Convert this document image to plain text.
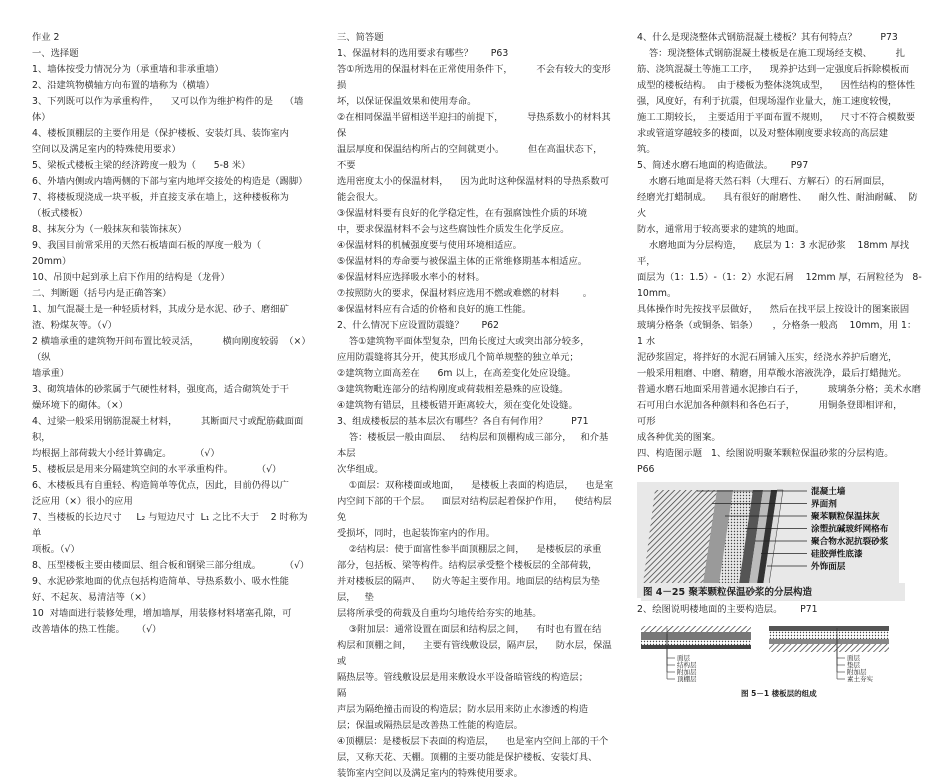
作业 2

一、选择题

1、墙体按受力情况分为（承重墙和非承重墙）

2、沿建筑物横轴方向布置的墙称为（横墙）

3、下列既可以作为承重构件，    又可以作为维护构件的是    （墙体）

4、楼板顶棚层的主要作用是（保护楼板、安装灯具、装饰室内

空间以及满足室内的特殊使用要求）

5、梁板式楼板主梁的经济跨度一般为（      5-8 米）

6、外墙内侧或内墙两侧的下部与室内地坪交接处的构造是（踢脚）

7、将楼板现浇成一块平板，并直接支承在墙上，这种楼板称为

（板式楼板）

8、抹灰分为（一般抹灰和装饰抹灰）

9、我国目前常采用的天然石板墙面石板的厚度一般为（        20mm）

10、吊顶中起到承上启下作用的结构是（龙骨）

二、判断题（括号内是正确答案）

1、加气混凝土是一种轻质材料，其成分是水泥、砂子、磨细矿

渣、粉煤灰等。（√）

2 横墙承重的建筑物开间布置比较灵活，        横向刚度较弱  （×）（纵

墙承重）

3、砌筑墙体的砂浆属于气硬性材料，强度高，适合砌筑处于干

燥环境下的砌体。（×）

4、过梁一般采用钢筋混凝土材料，        其断面尺寸或配筋截面面积，

均根据上部荷载大小经计算确定。        （√）

5、楼板层是用来分隔建筑空间的水平承重构件。        （√）

6、木楼板具有自重轻、构造简单等优点，因此，目前仍得以广

泛应用（×）很小的应用

7、当楼板的长边尺寸     L₂ 与短边尺寸  L₁ 之比不大于    2 时称为单

项板。（√）

8、压型楼板主要由楼面层、组合板和钢梁三部分组成。        （√）

9、水泥砂浆地面的优点包括构造简单、导热系数小、吸水性能

好、不起灰、易清洁等（×）

10  对墙面进行装修处理，增加墙厚，用装修材料堵塞孔隙，可

改善墙体的热工性能。    （√）

三、简答题

1、保温材料的选用要求有哪些？      P63

答①所选用的保温材料在正常使用条件下，        不会有较大的变形损

坏，以保证保温效果和使用寿命。

②在相同保温半留相送半迎扫的前提下，        导热系数小的材料其保

温层厚度和保温结构所占的空间就更小。        但在高温状态下，  不要

选用密度太小的保温材料，    因为此时这种保温材料的导热系数可

能会很大。

③保温材料要有良好的化学稳定性，在有强腐蚀性介质的环境

中，要求保温材料不会与这些腐蚀性介质发生化学反应。

④保温材料的机械强度要与使用环境相适应。

⑤保温材料的寿命要与被保温主体的正常维修期基本相适应。

⑥保温材料应选择吸水率小的材料。

⑦按照防火的要求，保温材料应选用不燃或难燃的材料        。

⑧保温材料应有合适的价格和良好的施工性能。

2、什么情况下应设置防震缝？      P62

答①建筑物平面体型复杂，凹角长度过大或突出部分较多，

应用防震缝将其分开，使其形成几个简单规整的独立单元；

②建筑物立面高差在      6m 以上，在高差变化处应设缝。

③建筑物毗连部分的结构刚度或荷载相差悬殊的应设缝。

④建筑物有错层，且楼板错开距离较大，须在变化处设缝。

3、组成楼板层的基本层次有哪些？各自有何作用？        P71

答：楼板层一般由面层、   结构层和顶棚构成三部分，   和介基本层

次华组成。

①面层：双称楼面或地面，    是楼板上表面的构造层，    也是室

内空间下部的干个层。    面层对结构层起着保护作用，    使结构层免

受损坏，同时，也起装饰室内的作用。

②结构层：使于面富性参半面顶棚层之间，    是楼板层的承重

部分，包括板、梁等构件。结构层承受整个楼板层的全部荷载，

并对楼板层的隔声、    防火等起主要作用。地面层的结构层为垫层，   垫

层将所承受的荷载及自重均匀地传给夯实的地基。

③附加层：通常设置在面层和结构层之间，    有时也有置在结

构层和顶棚之间，    主要有管线敷设层，隔声层，    防水层，保温或

隔热层等。管线敷设层是用来敷设水平设备暗管线的构造层；        隔

声层为隔绝撞击而设的构造层；防水层用来防止水渗透的构造

层；保温或隔热层是改善热工性能的构造层。

④顶棚层：是楼板层下表面的构造层，    也是室内空间上部的干个

层，又称天花、天棚。顶棚的主要功能是保护楼板、安装灯具、

装饰室内空间以及满足室内的特殊使用要求。

4、什么是现浇整体式钢筋混凝土楼板？其有何特点？        P73

答：现浇整体式钢筋混凝土楼板是在施工现场经支模、        扎

筋、浇筑混凝土等施工工序，    现养护达到一定强度后拆除模板而

成型的楼板结构。  由于楼板为整体浇筑成型，    因性结构的整体性

强，风度好，有利于抗震，但现场湿作业量大，施工速度较慢，

施工工期较长，  主要适用于平面布置不规则，    尺寸不符合模数要

求或管道穿越较多的楼面，以及对整体刚度要求较高的高层建

筑。

5、简述水磨石地面的构造做法。      P97

水磨石地面是将天然石料（大理石、方解石）的石屑面层，

经磨光打蜡制成。    具有很好的耐磨性、    耐久性、耐油耐碱、  防火

防水，通常用于较高要求的建筑的地面。

水磨地面为分层构造，    底层为 1：3 水泥砂浆    18mm 厚找平，

面层为（1：1.5）-（1：2）水泥石屑    12mm 厚，石屑粒径为   8-10mm。

具体操作时先按找平层做好，    然后在找平层上按设计的图案嵌固

玻璃分格条（或铜条、铝条）     ，分格条一般高    10mm，用 1：1 水

泥砂浆固定，将拌好的水泥石屑铺入压实，经浇水养护后磨光，

一般采用粗磨、中磨、精磨，用草酸水溶液洗净，最后打蜡抛光。

普通水磨石地面采用普通水泥掺白石子，        玻璃条分格；美术水磨

石可用白水泥加各种颜料和各色石子，        用铜条登即相评和，    可形

成各种优美的图案。

四、构造图示题   1、绘图说明聚苯颗粒保温砂浆的分层构造。        P66

混凝土墙
界面剂
聚苯颗粒保温抹灰
涂塑抗碱玻纤网格布
聚合物水泥抗裂砂浆
硅胶弹性底漆
外饰面层
图 4－25 聚苯颗粒保温砂浆的分层构造

2、绘图说明楼地面的主要构造层。      P71

面层
结构层
附加层
顶棚层
面层
垫层
附加层
素土夯实
图 5－1 楼板层的组成
